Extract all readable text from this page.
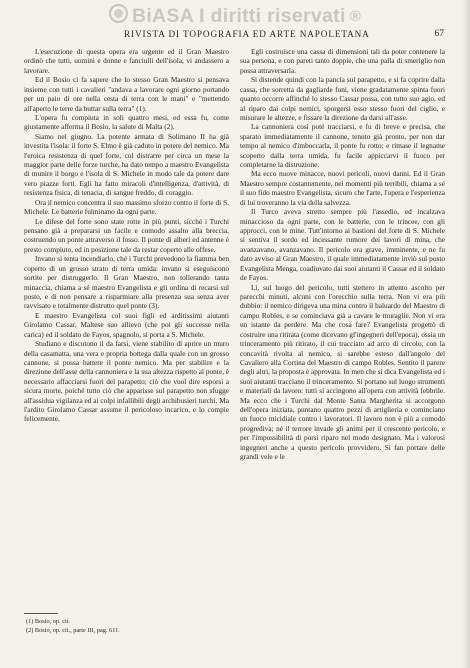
BiASA I diritti riservati ®
RIVISTA DI TOPOGRAFIA ED ARTE NAPOLETANA	67

L'esecuzione di questa opera era urgente ed il Gran Maestro ordinò che tutti, uomini e donne e fanciulli dell'isola, vi andassero a lavorare.

Ed il Bosio ci fa sapere che lo stesso Gran Maestro si pensava insieme con tutti i cavalieri "andava a lavorare ogni giorno portando per un paio di ore nella cesta di terra con le mani" e "mettendo all'aperto le terre da buttar sulla terra" (1).

L'opera fu compiuta in soli quattro mesi, ed essa fu, come giustamente afferma il Bosio, la salute di Malta (2).

Siamo nel giugno. La potente armata di Solimano II ha già investita l'isola: il forte S. Elmo è già caduto in potere del nemico. Ma l'eroica resistenza di quel forte, col distrarre per circa un mese la maggior parte delle forze turche, ha dato tempo a maestro Evangelista di munire il borgo e l'isola di S. Michele in modo tale da potere dare vero piazze forti. Egli ha fatto miracoli d'intelligenza, d'attività, di resistenza fisica, di tenacia, di sangue freddo, di coraggio.

Ora il nemico concentra il suo massimo sforzo contro il forte di S. Michele. Le batterie fulminano da ogni parte.

Le difese del forte sono state rotte in più punti, sicché i Turchi pensano già a prepararsi un facile e comodo assalto alla breccia, costruendo un ponte attraverso il fosso. Il ponte di alberi ed antenne è presto compiuto, ed in posizione tale da restar coperto alle offese.

Invano si tenta incendiarlo, ché i Turchi prevedono la fiamma ben coperto di un grosso strato di terra umida: invano si eseguiscono sortite per distruggerlo. Il Gran Maestro, non tollerando tanta minaccia, chiama a sé maestro Evangelista e gli ordina di recarsi sul posto, e di non pensare a risparmiare alla presenza sua senza aver ravvisato e totalmente distrutto quel ponte (3).

E maestro Evangelista col suoi figli ed arditissimi aiutanti Girolamo Cassar, Maltese suo allievo (che poi gli successe nella carica) ed il soldato de Fayos, spagnolo, si porta a S. Michele.

Studiano e discutono il da farsi, viene stabilito di aprire un muro della casamatta, una vera e propria bottega dalla quale con un grosso cannone, si possa battere il ponte nemico. Ma per stabilire e la direzione dell'asse della cannoniera e la sua altezza rispetto al ponte, è necessario affacciarsi fuori del parapetto; ciò che vuol dire esporsi a sicura morte, poiché tutto ciò che apparisse sul parapetto non sfugge all'assidua vigilanza ed ai colpi infallibili degli archibusieri turchi. Ma l'ardito Girolamo Cassar assume il pericoloso incarico, e lo compie felicemente.

Egli costruisce una cassa di dimensioni tali da poter contenere la sua persona, e con pareti tanto doppie, che una palla di smeriglio non possa attraversarla.

Si distende quindi con la pancia sul parapetto, e si fa coprire dalla cassa, che sorretta da gagliarde funi, viene gradatamente spinta fuori quanto occorre affinché lo stesso Cassar possa, con tutto suo agio, ed al riparo dai colpi nemici, sporgersi esso stesso fuori del ciglio, e misurare le altezze, e fissare la direzione da darsi all'asse.

La cannoniera così poté tracciarsi, e fu di breve e precisa, che sparato immediatamente il cannone, tenuto già pronto, per non dar tempo al nemico d'imboccarla, il ponte fu rotto; e rimase il legname scoperto dalla terra umida, fu facile appiccarvi il fuoco per completarne la distruzione.

Ma ecco nuove minacce, nuovi pericoli, nuovi danni. Ed il Gran Maestro sempre costantemente, nei momenti più terribili, chiama a sé il suo fido maestro Evangelista, sicuro che l'arte, l'opera e l'esperienza di lui troveranno la via della salvezza.

Il Turco aveva stretto sempre più l'assedio, ed incalzava minaccioso da ogni parte, con le batterie, con le trincee, con gli approcci, con le mine. Tutt'intorno ai bastioni del forte di S. Michele si sentiva il sordo ed incessante rumore dei lavori di mina, che avanzavano, avanzavano. Il pericolo era grave, imminente, e ne fu dato avviso al Gran Maestro, il quale immediatamente inviò sul posto Evangelista Menga, coadiuvato dai suoi aiutanti il Cassar ed il soldato de Fayos.

Lì, sul luogo del pericolo, tutti stettero in attento ascolto per parecchi minuti, alcuni con l'orecchio sulla terra. Non vi era più dubbio: il nemico dirigeva una mina contro il baluardo del Maestro di campo Robles, e se cominciava già a cavare le muraglie. Non vi era un istante da perdere. Ma che cosa fare? Evangelista progettò di costruire una ritirata (come dicevano gl'ingegneri dell'epoca), ossia un trinceramento più ritirato, il cui tracciato ad arco di circolo, con la concavità rivolta al nemico, si sarebbe esteso dall'angolo del Cavaliero alla Cortina del Maestro di campo Robles. Sentito il parere degli altri, la proposta è approvata. In men che si dica Evangelista ed i suoi aiutanti tracciano il trinceramento. Si portano sul luogo strumenti e materiali da lavoro: tutti si accingono all'opera con attività febbrile. Ma ecco che i Turchi dal Monte Santa Margherita si accorgono dell'opera iniziata, puntano quattro pezzi di artiglieria e cominciano un fuoco micidiale contro i lavoratori. Il lavoro non è più a comodo progrediva; né il terrore invade gli animi per il crescente pericolo, e per l'impossibilità di porsi riparo nel modo designato. Ma i valorosi ingegneri anche a questo pericolo provvidero. Si fan portare delle grandi vele e le

(1) Bosio, op. cit.
(2) Bosio, op. cit., parte III, pag. 611.
